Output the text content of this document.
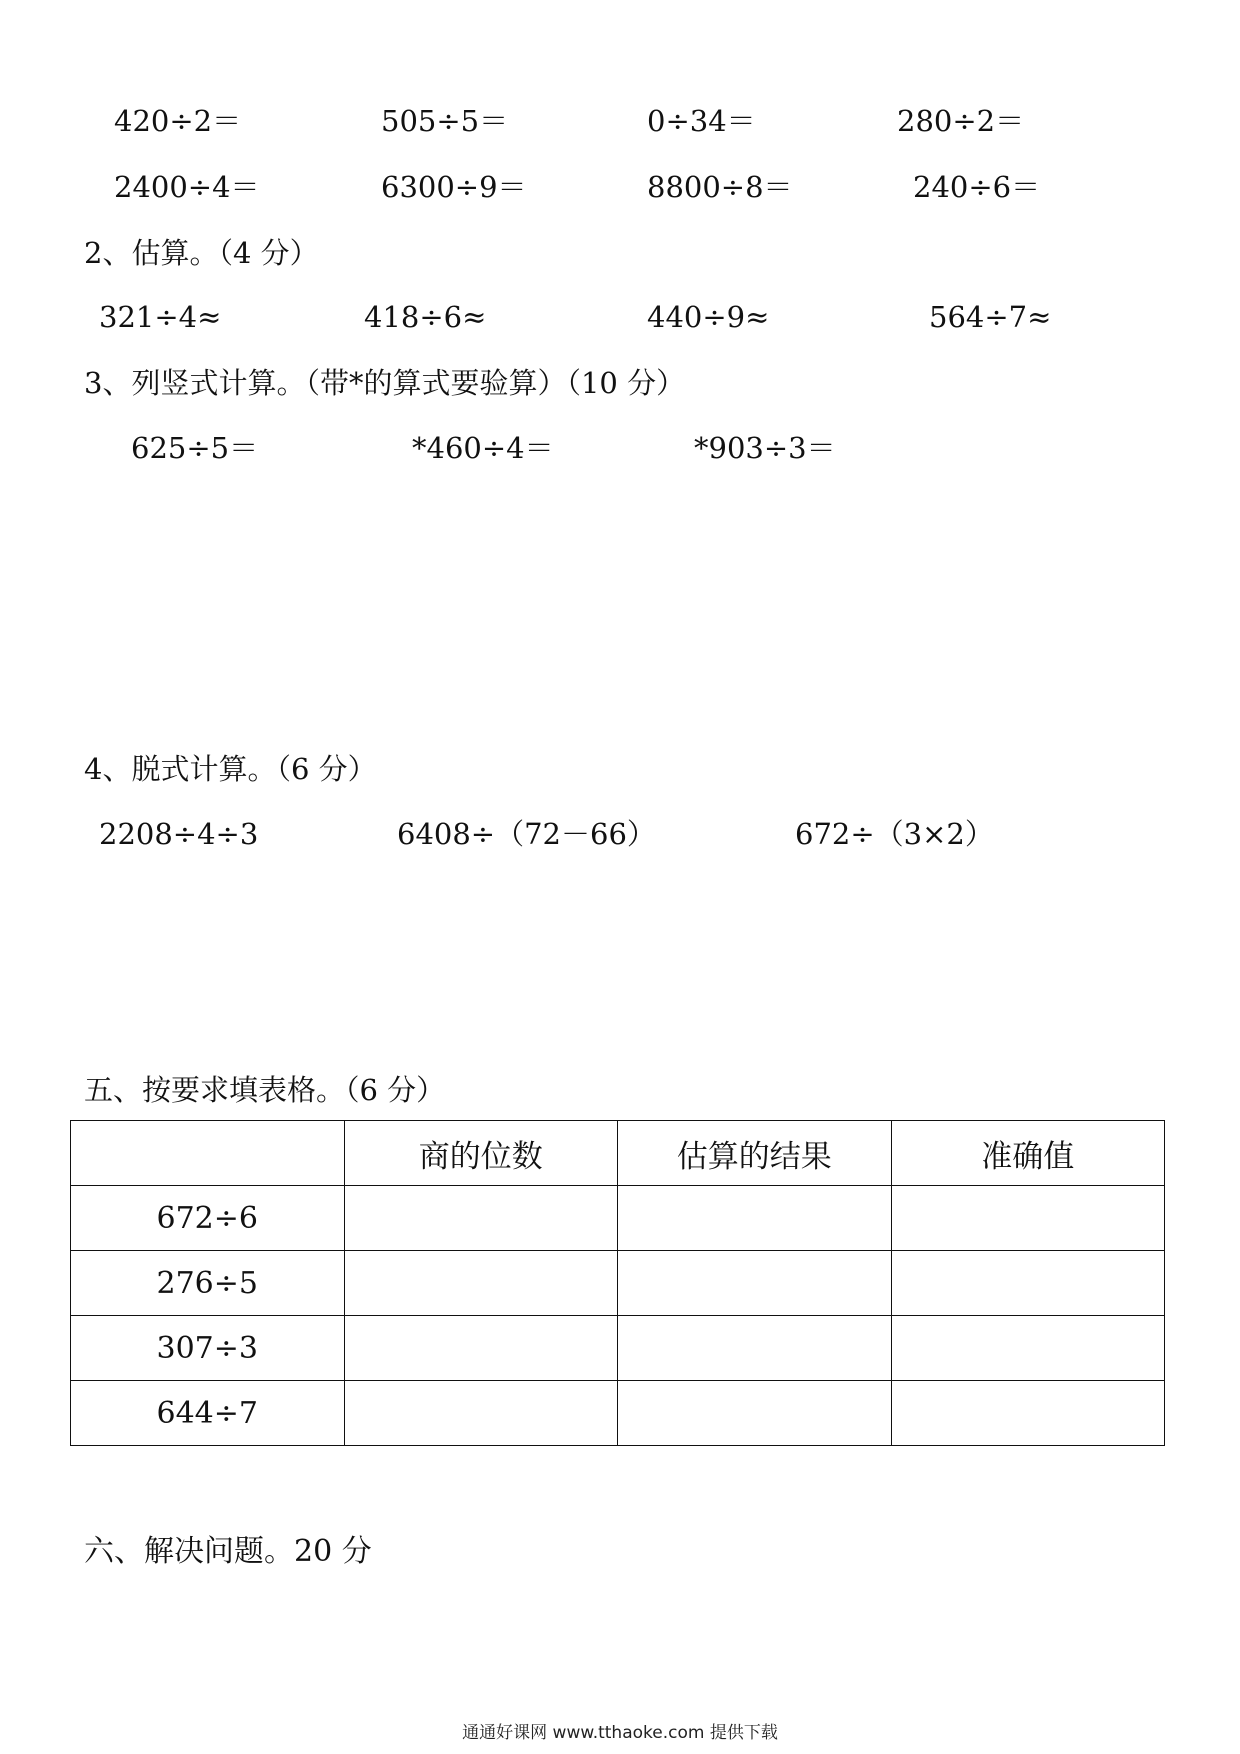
420÷2＝	505÷5＝	0÷34＝	280÷2＝
2400÷4＝	6300÷9＝	8800÷8＝	240÷6＝
2、估算。（4 分）
321÷4≈	418÷6≈	440÷9≈	564÷7≈
3、列竖式计算。（带*的算式要验算）（10 分）
625÷5＝	*460÷4＝	*903÷3＝
4、脱式计算。（6 分）
2208÷4÷3	6408÷（72－66）	672÷（3×2）
五、按要求填表格。（6 分）
	商的位数	估算的结果	准确值
672÷6			
276÷5			
307÷3			
644÷7			
六、解决问题。20 分
通通好课网 www.tthaoke.com 提供下载
